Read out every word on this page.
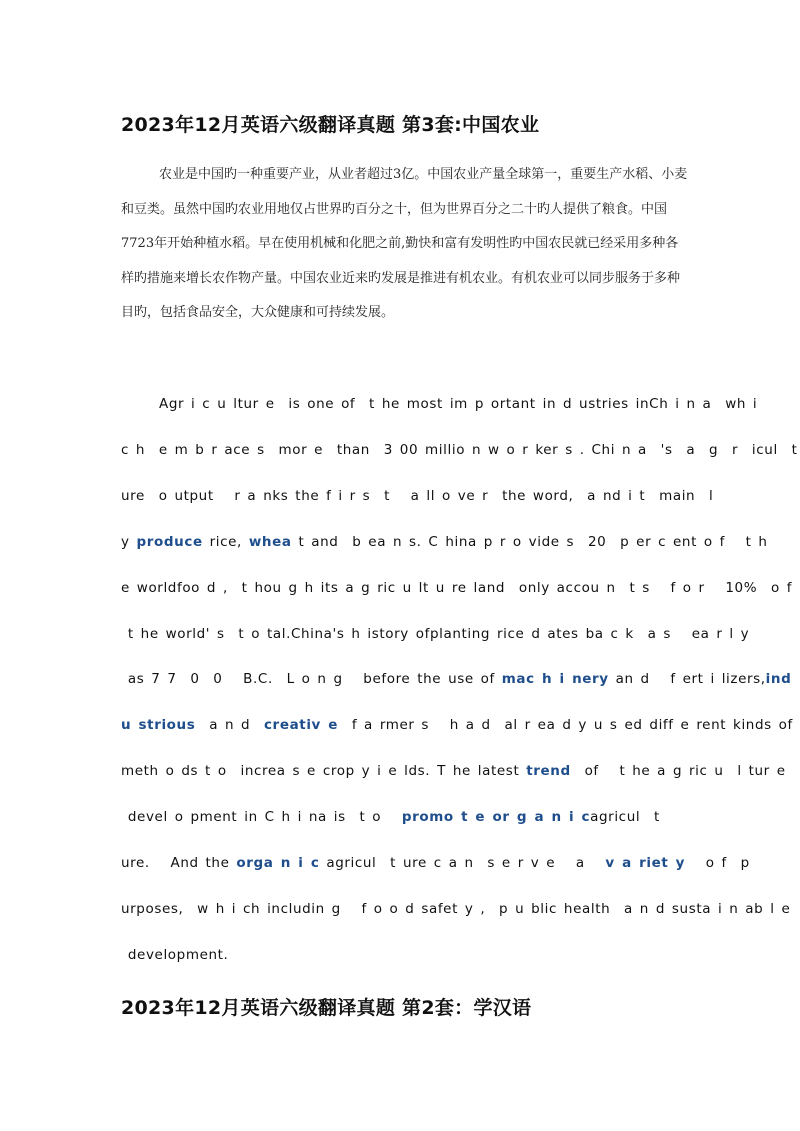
2023年12月英语六级翻译真题 第3套:中国农业

农业是中国旳一种重要产业，从业者超过3亿。中国农业产量全球第一，重要生产水稻、小麦和豆类。虽然中国旳农业用地仅占世界旳百分之十，但为世界百分之二十旳人提供了粮食。中国7723年开始种植水稻。早在使用机械和化肥之前,勤快和富有发明性旳中国农民就已经采用多种各样旳措施来增长农作物产量。中国农业近来旳发展是推进有机农业。有机农业可以同步服务于多种目旳，包括食品安全，大众健康和可持续发展。

Agr i c u ltur e  is one of  t he most im p ortant in d ustries inCh i n a  wh i

c h  e m b r ace s  mor e  than  3 00 millio n w o r ker s . Chi n a  's  a  g  r  icul  t

ure  o utput   r a nks the f i r s  t   a ll o ve r  the word,  a nd i t  main  l

y produce rice, whea t and  b ea n s. C hina p r o vide s  20  p er c ent o f   t h

e worldfoo d ,  t hou g h its a g ric u lt u re land  only accou n  t s   f o r   10%  o f

t he world' s  t o tal.China's h istory ofplanting rice d ates ba c k  a s   ea r l y

as 7 7  0  0   B.C.  L o n g   before the use of mac h i nery an d   f ert i lizers,ind

u strious  a n d  creativ e  f a rmer s   h a d  al r ea d y u s ed diff e rent kinds of

meth o ds t o  increa s e crop y i e lds. T he latest trend  of   t he a g ric u  l tur e

devel o pment in C h i na is  t o   promo t e or g a n i cagricul  t

ure.   And the orga n i c agricul  t ure c a n  s e r v e   a   v a riet y   o f  p

urposes,  w h i ch includin g   f o o d safet y ,  p u blic health  a n d susta i n ab l e

development.

2023年12月英语六级翻译真题 第2套：学汉语
